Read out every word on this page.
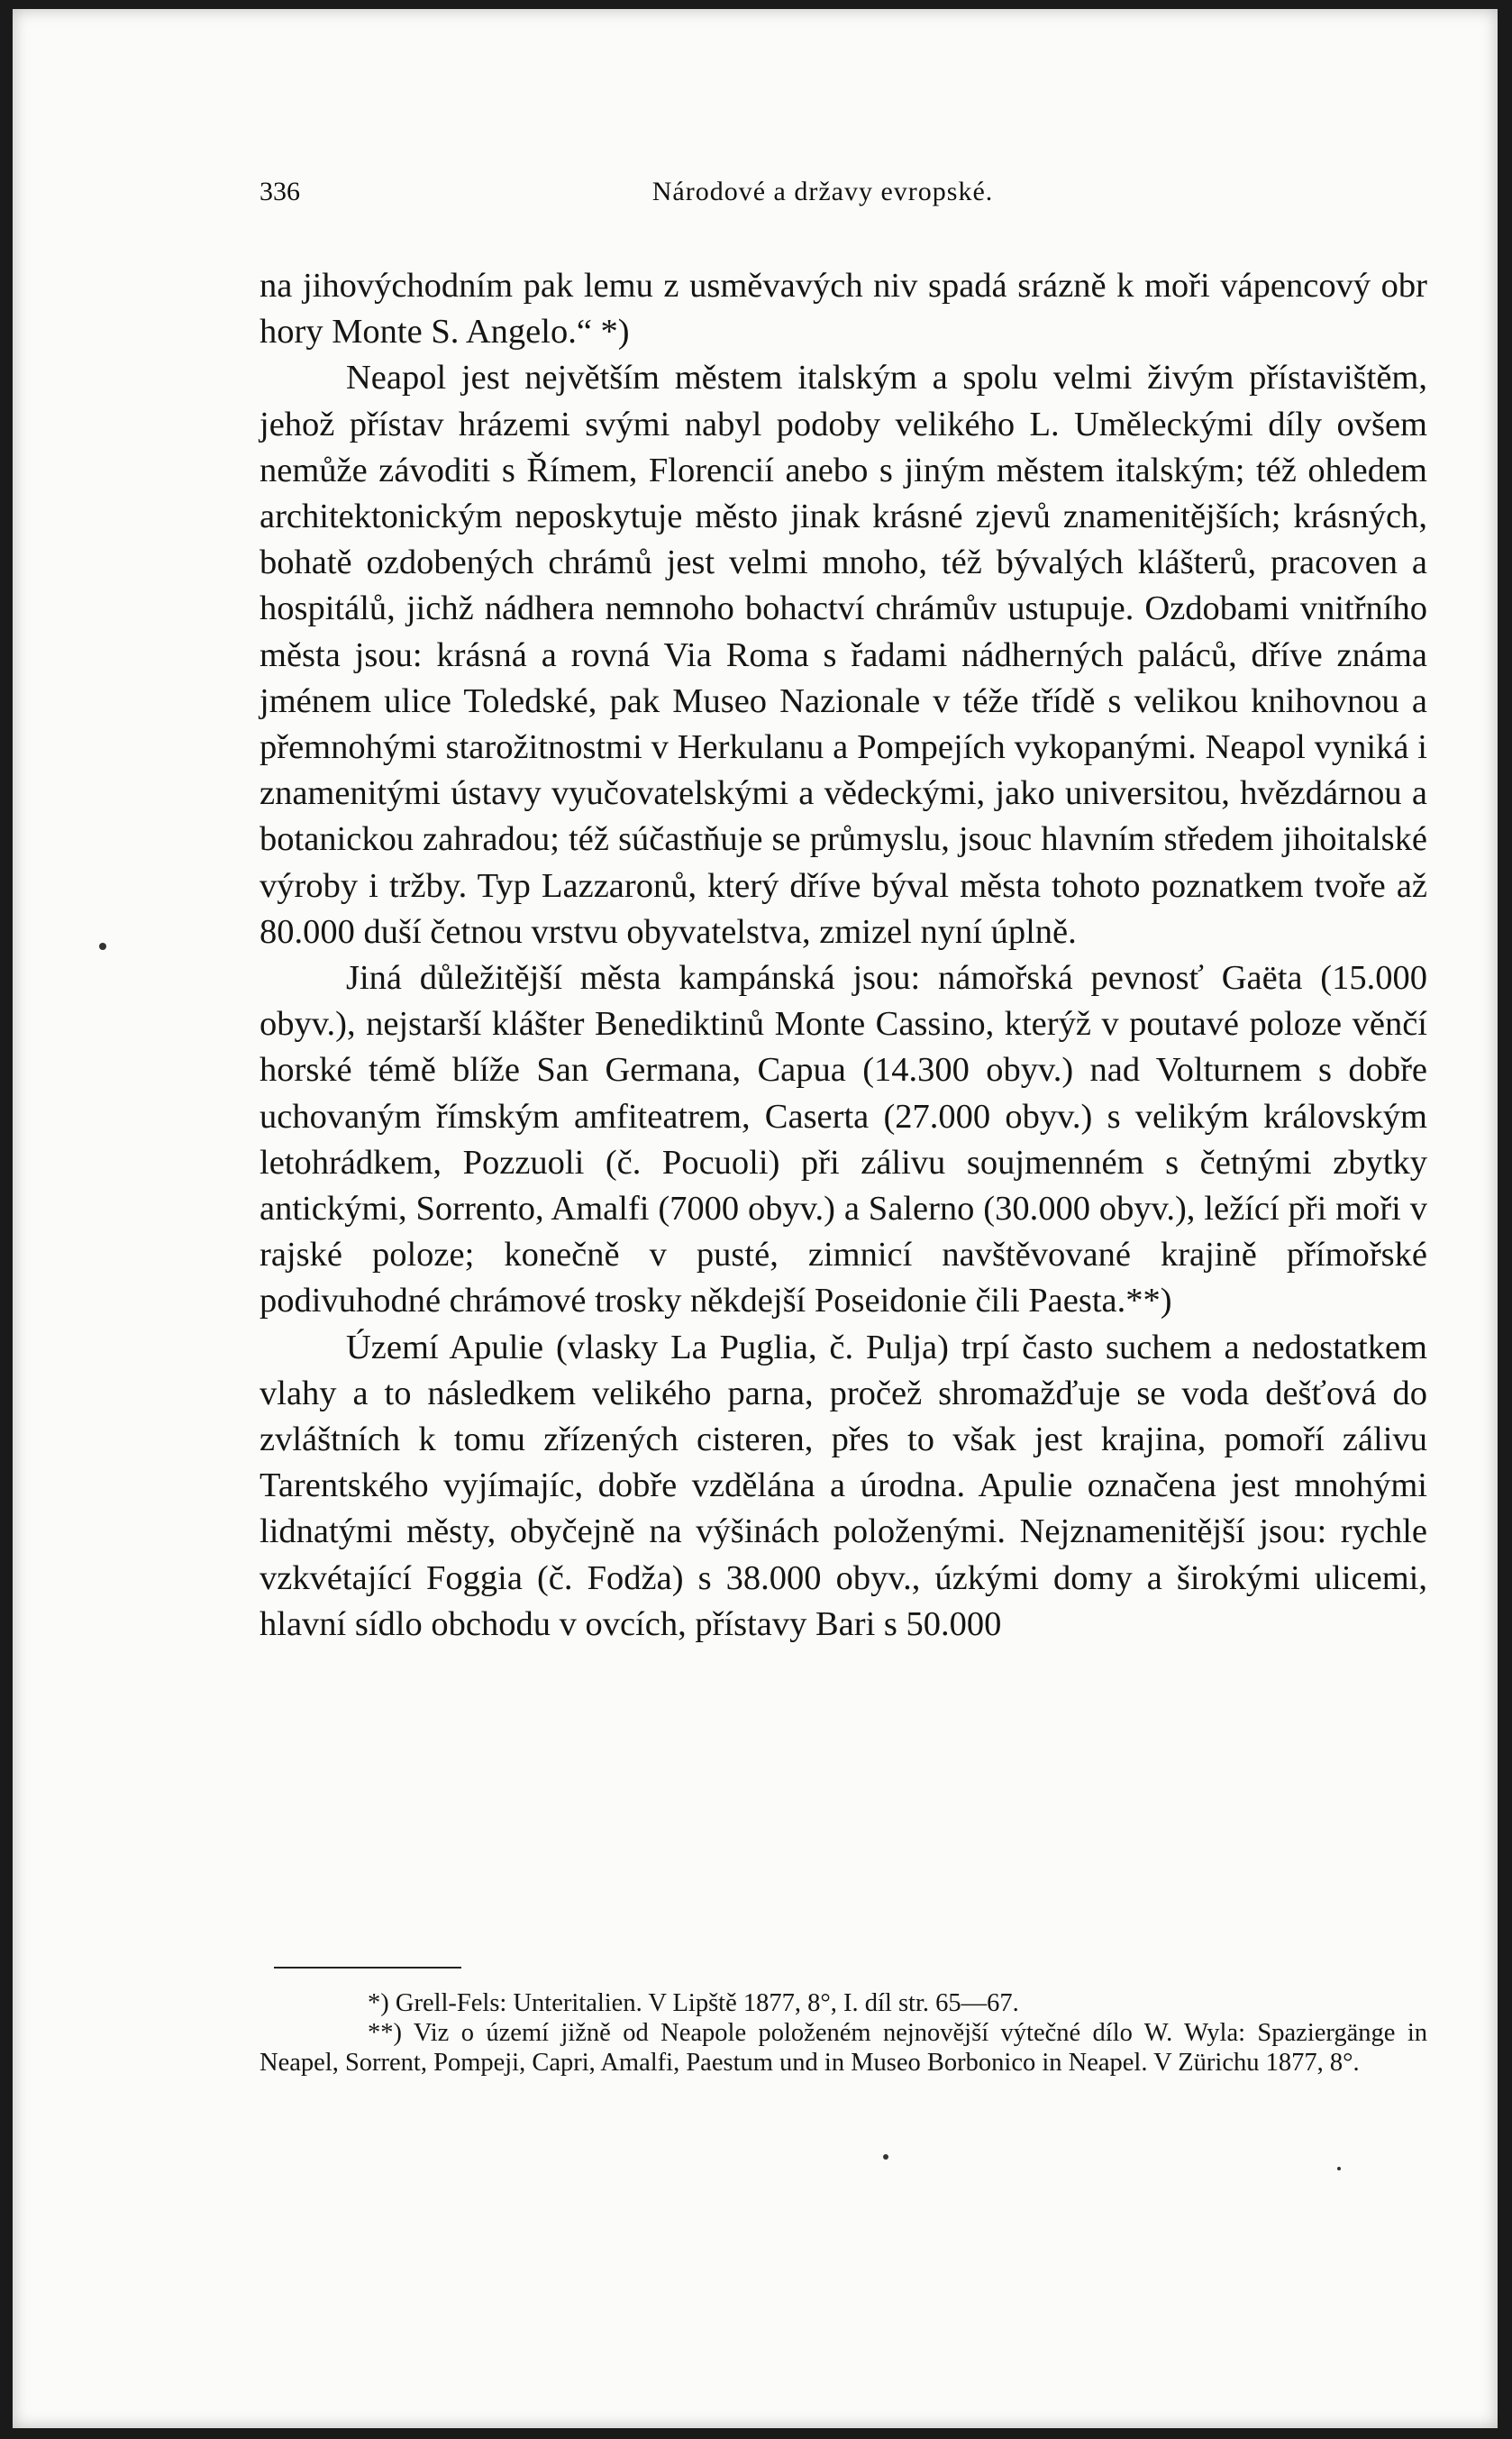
336	Národové a državy evropské.

na jihovýchodním pak lemu z usměvavých niv spadá srázně k moři vápencový obr hory Monte S. Angelo.“ *)

Neapol jest největším městem italským a spolu velmi živým přístavištěm, jehož přístav hrázemi svými nabyl podoby velikého L. Uměleckými díly ovšem nemůže závoditi s Římem, Florencií anebo s jiným městem italským; též ohledem architektonickým neposkytuje město jinak krásné zjevů znamenitějších; krásných, bohatě ozdobených chrámů jest velmi mnoho, též bývalých klášterů, pracoven a hospitálů, jichž nádhera nemnoho bohactví chrámův ustupuje. Ozdobami vnitřního města jsou: krásná a rovná Via Roma s řadami nádherných paláců, dříve známa jménem ulice Toledské, pak Museo Nazionale v téže třídě s velikou knihovnou a přemnohými starožitnostmi v Herkulanu a Pompejích vykopanými. Neapol vyniká i znamenitými ústavy vyučovatelskými a vědeckými, jako universitou, hvězdárnou a botanickou zahradou; též súčastňuje se průmyslu, jsouc hlavním středem jihoitalské výroby i tržby. Typ Lazzaronů, který dříve býval města tohoto poznatkem tvoře až 80.000 duší četnou vrstvu obyvatelstva, zmizel nyní úplně.

Jiná důležitější města kampánská jsou: námořská pevnosť Gaëta (15.000 obyv.), nejstarší klášter Benediktinů Monte Cassino, kterýž v poutavé poloze věnčí horské témě blíže San Germana, Capua (14.300 obyv.) nad Volturnem s dobře uchovaným římským amfiteatrem, Caserta (27.000 obyv.) s velikým královským letohrádkem, Pozzuoli (č. Pocuoli) při zálivu soujmenném s četnými zbytky antickými, Sorrento, Amalfi (7000 obyv.) a Salerno (30.000 obyv.), ležící při moři v rajské poloze; konečně v pusté, zimnicí navštěvované krajině přímořské podivuhodné chrámové trosky někdejší Poseidonie čili Paesta.**)

Území Apulie (vlasky La Puglia, č. Pulja) trpí často suchem a nedostatkem vlahy a to následkem velikého parna, pročež shromažďuje se voda dešťová do zvláštních k tomu zřízených cisteren, přes to však jest krajina, pomoří zálivu Tarentského vyjímajíc, dobře vzdělána a úrodna. Apulie označena jest mnohými lidnatými městy, obyčejně na výšinách položenými. Nejznamenitější jsou: rychle vzkvétající Foggia (č. Fodža) s 38.000 obyv., úzkými domy a širokými ulicemi, hlavní sídlo obchodu v ovcích, přístavy Bari s 50.000

*) Grell-Fels: Unteritalien. V Lipště 1877, 8°, I. díl str. 65—67.

**) Viz o území jižně od Neapole položeném nejnovější výtečné dílo W. Wyla: Spaziergänge in Neapel, Sorrent, Pompeji, Capri, Amalfi, Paestum und in Museo Borbonico in Neapel. V Zürichu 1877, 8°.
